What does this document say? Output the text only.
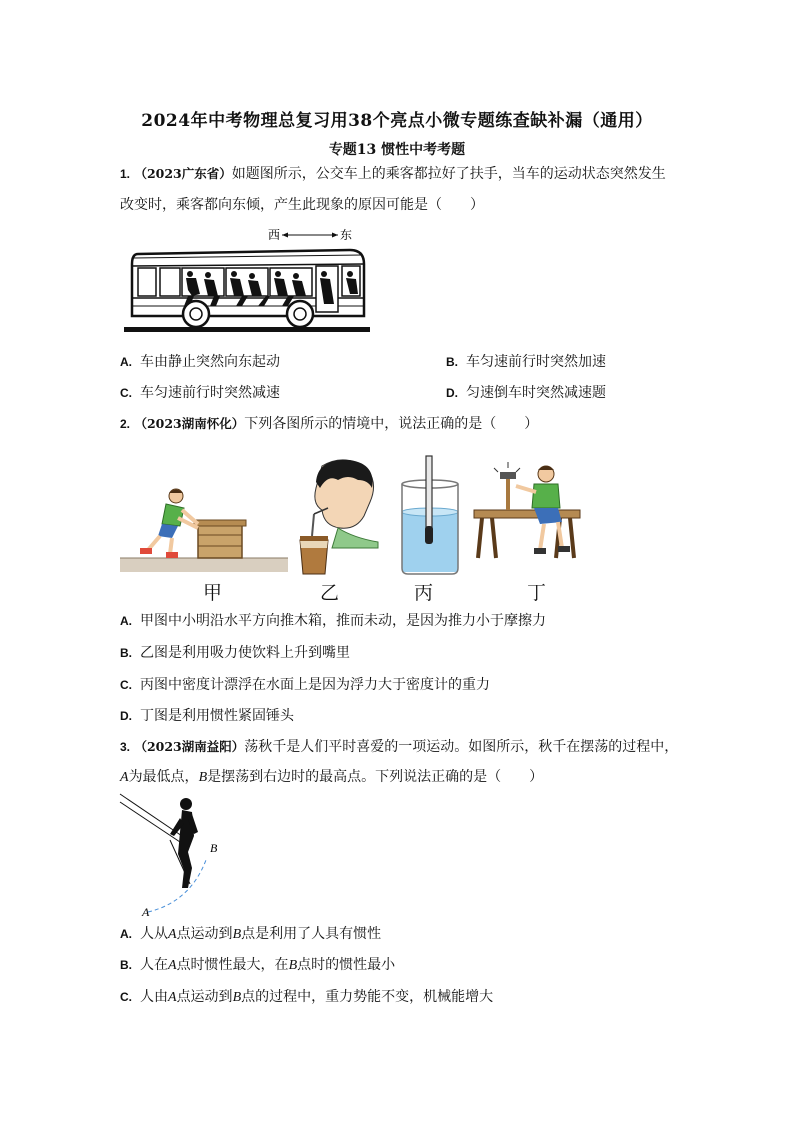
2024年中考物理总复习用38个亮点小微专题练查缺补漏（通用）
专题13 惯性中考考题
1. （2023广东省）如题图所示，公交车上的乘客都拉好了扶手，当车的运动状态突然发生
改变时，乘客都向东倾，产生此现象的原因可能是（　　）
西	东
A. 车由静止突然向东起动	B. 车匀速前行时突然加速
C. 车匀速前行时突然减速	D. 匀速倒车时突然减速题
2. （2023湖南怀化）下列各图所示的情境中，说法正确的是（　　）
甲	乙	丙	丁
A. 甲图中小明沿水平方向推木箱，推而未动，是因为推力小于摩擦力
B. 乙图是利用吸力使饮料上升到嘴里
C. 丙图中密度计漂浮在水面上是因为浮力大于密度计的重力
D. 丁图是利用惯性紧固锤头
3. （2023湖南益阳）荡秋千是人们平时喜爱的一项运动。如图所示，秋千在摆荡的过程中，
A为最低点，B是摆荡到右边时的最高点。下列说法正确的是（　　）
B
A
A. 人从A点运动到B点是利用了人具有惯性
B. 人在A点时惯性最大，在B点时的惯性最小
C. 人由A点运动到B点的过程中，重力势能不变，机械能增大
